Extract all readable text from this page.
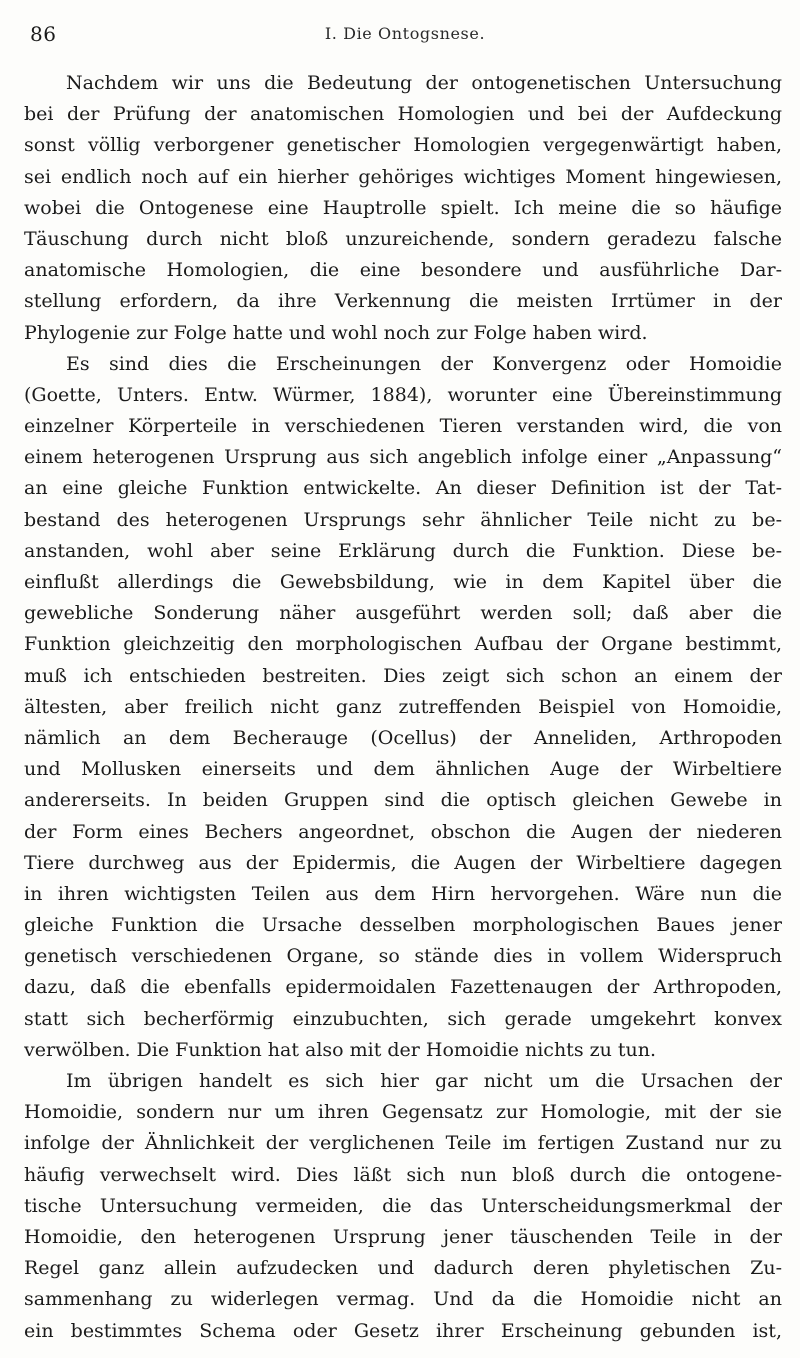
86	I. Die Ontogsnese.
Nachdem wir uns die Bedeutung der ontogenetischen Untersuchung
bei der Prüfung der anatomischen Homologien und bei der Aufdeckung
sonst völlig verborgener genetischer Homologien vergegenwärtigt haben,
sei endlich noch auf ein hierher gehöriges wichtiges Moment hingewiesen,
wobei die Ontogenese eine Hauptrolle spielt. Ich meine die so häufige
Täuschung durch nicht bloß unzureichende, sondern geradezu falsche
anatomische Homologien, die eine besondere und ausführliche Dar-
stellung erfordern, da ihre Verkennung die meisten Irrtümer in der
Phylogenie zur Folge hatte und wohl noch zur Folge haben wird.
Es sind dies die Erscheinungen der Konvergenz oder Homoidie
(Goette, Unters. Entw. Würmer, 1884), worunter eine Übereinstimmung
einzelner Körperteile in verschiedenen Tieren verstanden wird, die von
einem heterogenen Ursprung aus sich angeblich infolge einer „Anpassung“
an eine gleiche Funktion entwickelte. An dieser Definition ist der Tat-
bestand des heterogenen Ursprungs sehr ähnlicher Teile nicht zu be-
anstanden, wohl aber seine Erklärung durch die Funktion. Diese be-
einflußt allerdings die Gewebsbildung, wie in dem Kapitel über die
gewebliche Sonderung näher ausgeführt werden soll; daß aber die
Funktion gleichzeitig den morphologischen Aufbau der Organe bestimmt,
muß ich entschieden bestreiten. Dies zeigt sich schon an einem der
ältesten, aber freilich nicht ganz zutreffenden Beispiel von Homoidie,
nämlich an dem Becherauge (Ocellus) der Anneliden, Arthropoden
und Mollusken einerseits und dem ähnlichen Auge der Wirbeltiere
andererseits. In beiden Gruppen sind die optisch gleichen Gewebe in
der Form eines Bechers angeordnet, obschon die Augen der niederen
Tiere durchweg aus der Epidermis, die Augen der Wirbeltiere dagegen
in ihren wichtigsten Teilen aus dem Hirn hervorgehen. Wäre nun die
gleiche Funktion die Ursache desselben morphologischen Baues jener
genetisch verschiedenen Organe, so stände dies in vollem Widerspruch
dazu, daß die ebenfalls epidermoidalen Fazettenaugen der Arthropoden,
statt sich becherförmig einzubuchten, sich gerade umgekehrt konvex
verwölben. Die Funktion hat also mit der Homoidie nichts zu tun.
Im übrigen handelt es sich hier gar nicht um die Ursachen der
Homoidie, sondern nur um ihren Gegensatz zur Homologie, mit der sie
infolge der Ähnlichkeit der verglichenen Teile im fertigen Zustand nur zu
häufig verwechselt wird. Dies läßt sich nun bloß durch die ontogene-
tische Untersuchung vermeiden, die das Unterscheidungsmerkmal der
Homoidie, den heterogenen Ursprung jener täuschenden Teile in der
Regel ganz allein aufzudecken und dadurch deren phyletischen Zu-
sammenhang zu widerlegen vermag. Und da die Homoidie nicht an
ein bestimmtes Schema oder Gesetz ihrer Erscheinung gebunden ist,
